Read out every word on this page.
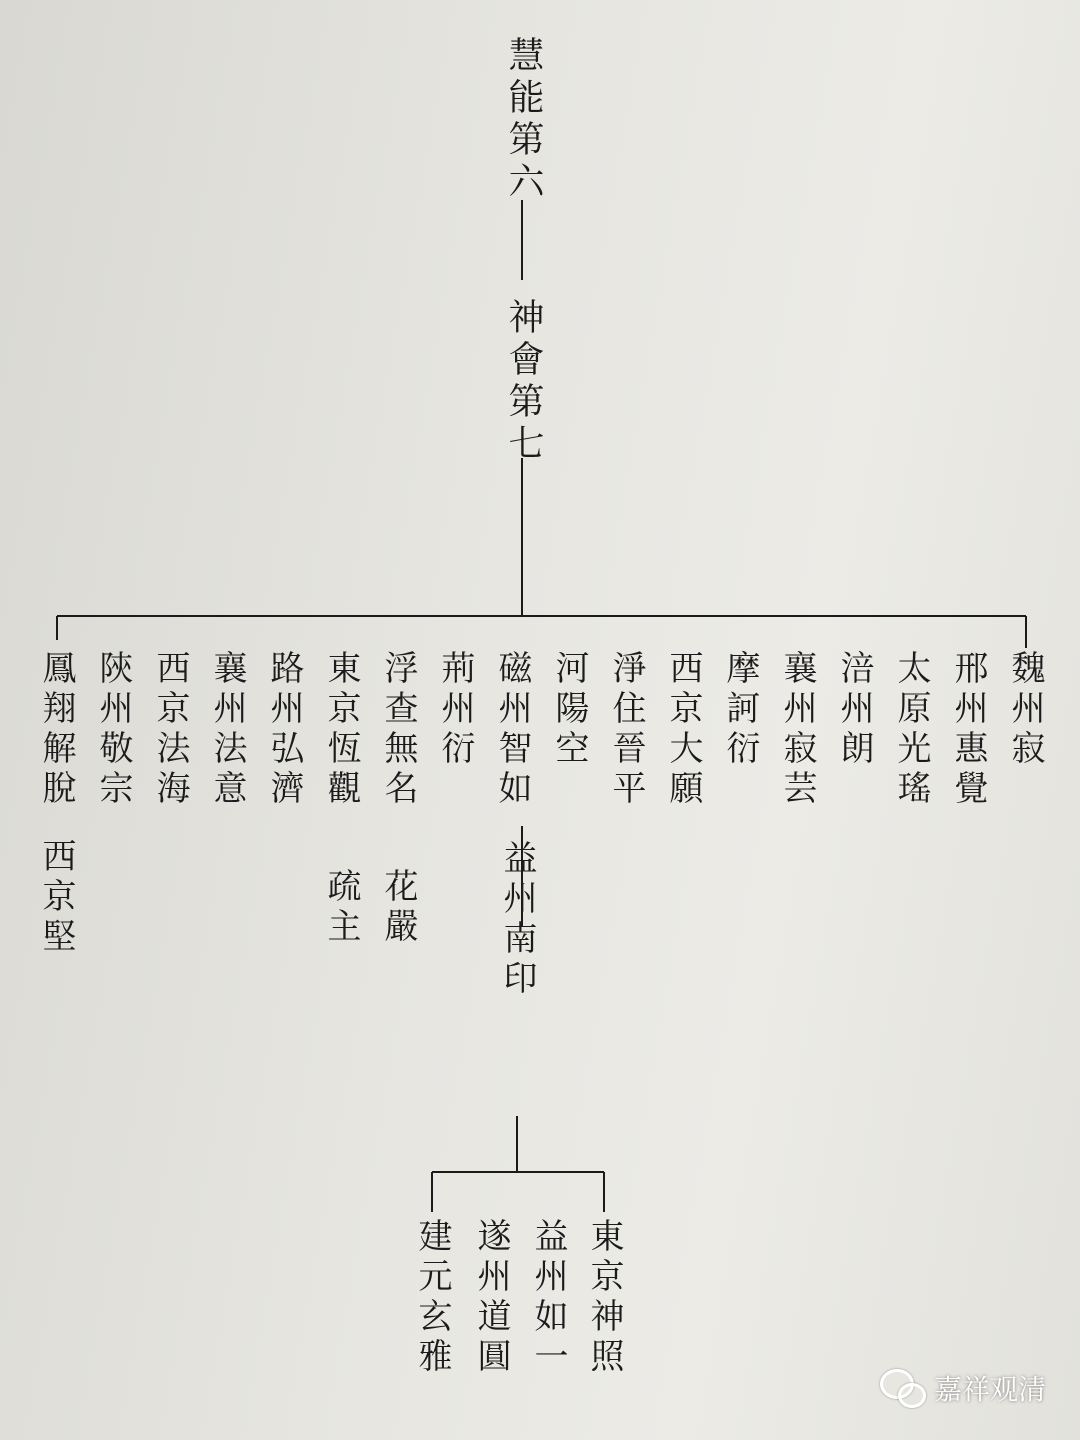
慧能第六
神會第七
魏州寂
邢州惠覺
太原光瑤
涪州朗
襄州寂芸
摩訶衍
西京大願
淨住晉平
河陽空
磁州智如
荊州衍
浮查無名
東京恆觀
路州弘濟
襄州法意
西京法海
陝州敬宗
鳳翔解脫
花嚴
疏主
西京堅	益州南印
東京神照
益州如一
遂州道圓
建元玄雅
嘉祥观清
